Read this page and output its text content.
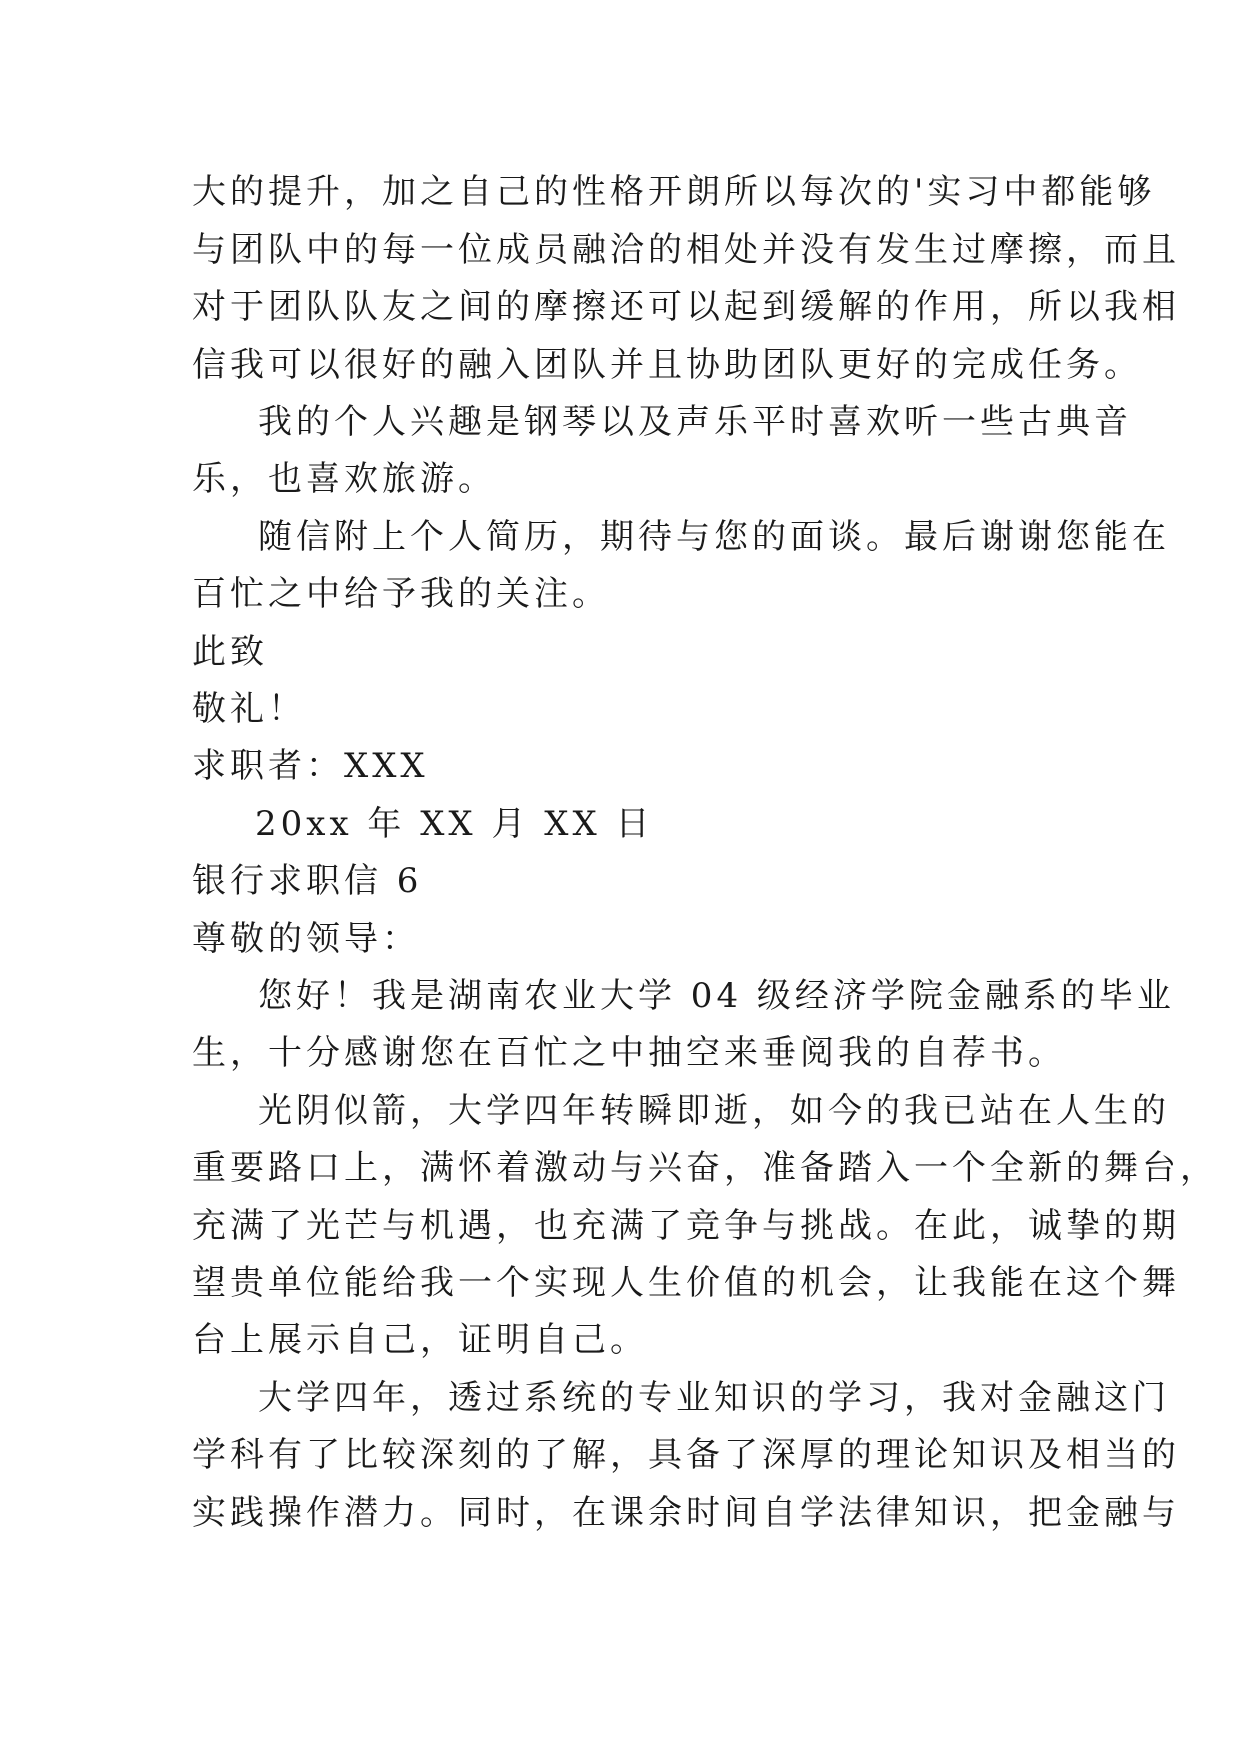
大的提升，加之自己的性格开朗所以每次的'实习中都能够
与团队中的每一位成员融洽的相处并没有发生过摩擦，而且
对于团队队友之间的摩擦还可以起到缓解的作用，所以我相
信我可以很好的融入团队并且协助团队更好的完成任务。
我的个人兴趣是钢琴以及声乐平时喜欢听一些古典音
乐，也喜欢旅游。
随信附上个人简历，期待与您的面谈。最后谢谢您能在
百忙之中给予我的关注。
此致
敬礼！
求职者：XXX
20xx 年 XX 月 XX 日
银行求职信 6
尊敬的领导：
您好！我是湖南农业大学 04 级经济学院金融系的毕业
生，十分感谢您在百忙之中抽空来垂阅我的自荐书。
光阴似箭，大学四年转瞬即逝，如今的我已站在人生的
重要路口上，满怀着激动与兴奋，准备踏入一个全新的舞台，
充满了光芒与机遇，也充满了竞争与挑战。在此，诚挚的期
望贵单位能给我一个实现人生价值的机会，让我能在这个舞
台上展示自己，证明自己。
大学四年，透过系统的专业知识的学习，我对金融这门
学科有了比较深刻的了解，具备了深厚的理论知识及相当的
实践操作潜力。同时，在课余时间自学法律知识，把金融与
